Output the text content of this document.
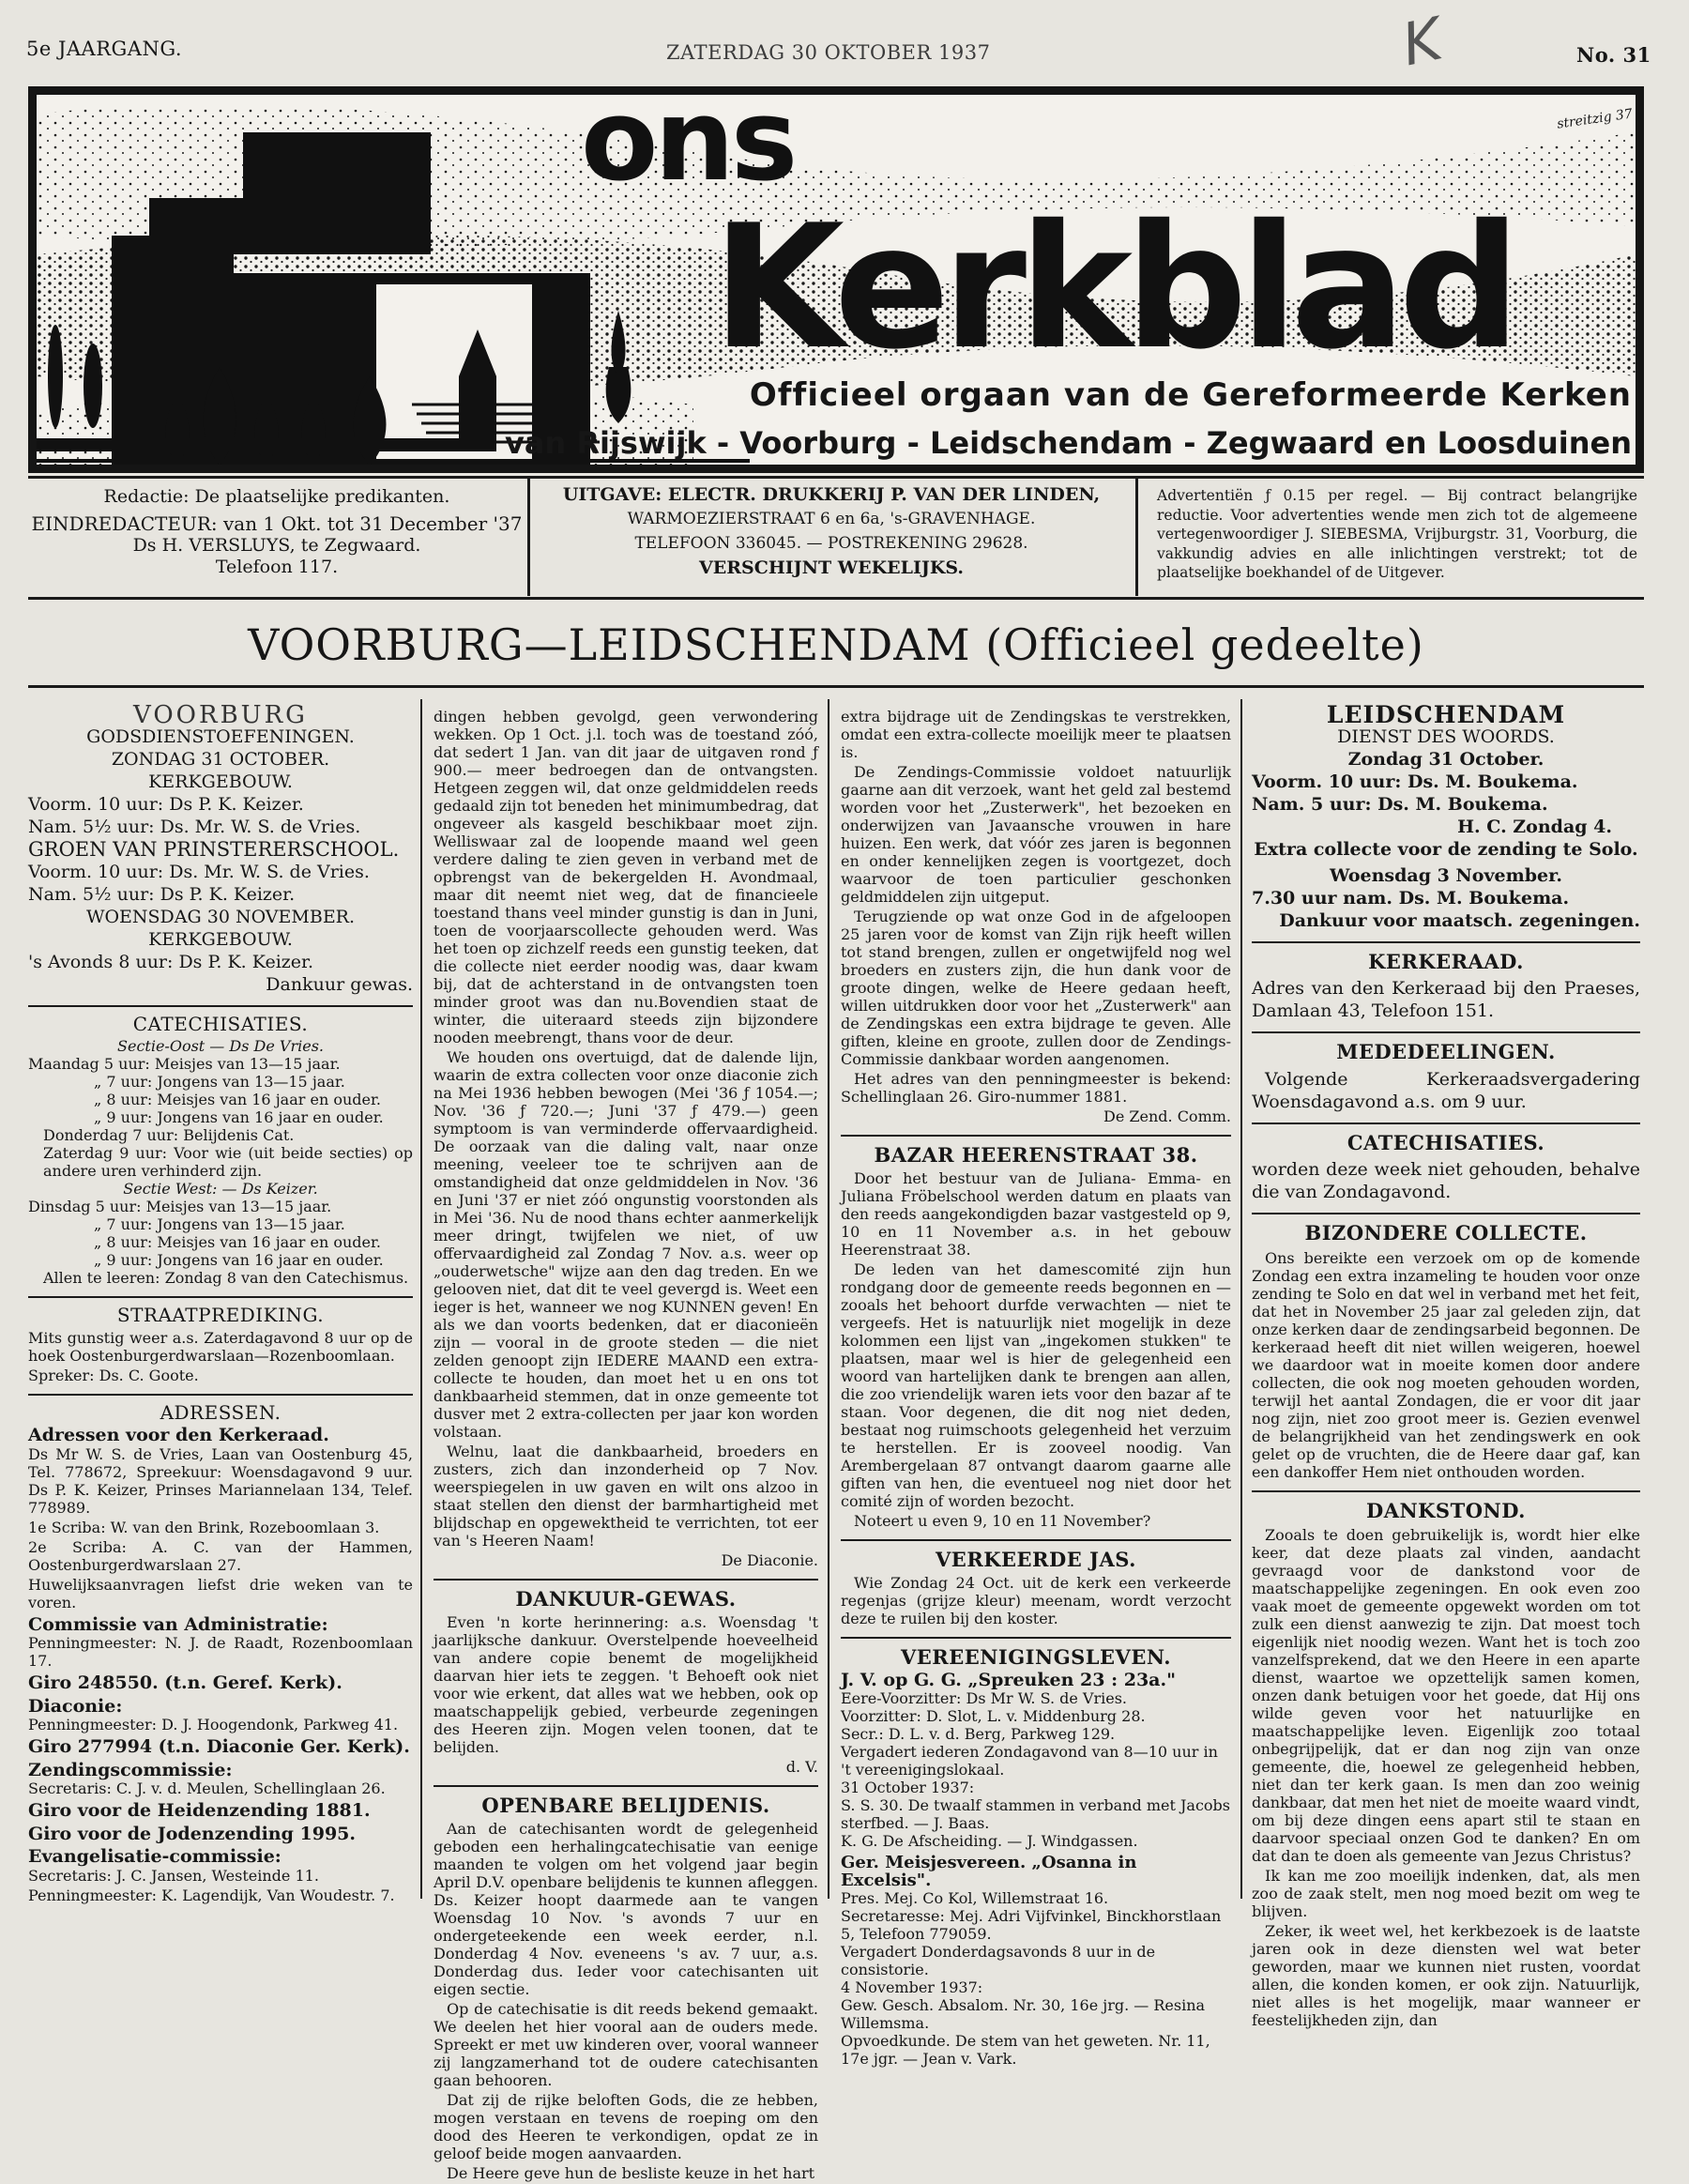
5e JAARGANG.	ZATERDAG 30 OKTOBER 1937	No. 31
K
ons
Kerkblad
streitzig 37
Officieel orgaan van de Gereformeerde Kerken
van Rijswijk - Voorburg - Leidschendam - Zegwaard en Loosduinen
Redactie: De plaatselijke predikanten.
EINDREDACTEUR: van 1 Okt. tot 31 December '37
Ds H. VERSLUYS, te Zegwaard.
Telefoon 117.
UITGAVE: ELECTR. DRUKKERIJ P. VAN DER LINDEN,
WARMOEZIERSTRAAT 6 en 6a, 's-GRAVENHAGE.
TELEFOON 336045. — POSTREKENING 29628.
VERSCHIJNT WEKELIJKS.
Advertentiën ƒ 0.15 per regel. — Bij contract belangrijke reductie. Voor advertenties wende men zich tot de algemeene vertegenwoordiger J. SIEBESMA, Vrijburgstr. 31, Voorburg, die vakkundig advies en alle inlichtingen verstrekt; tot de plaatselijke boekhandel of de Uitgever.
VOORBURG—LEIDSCHENDAM (Officieel gedeelte)
VOORBURG
GODSDIENSTOEFENINGEN.
ZONDAG 31 OCTOBER.
KERKGEBOUW.
Voorm. 10 uur: Ds P. K. Keizer.
Nam. 5½ uur: Ds. Mr. W. S. de Vries.
GROEN VAN PRINSTERERSCHOOL.
Voorm. 10 uur: Ds. Mr. W. S. de Vries.
Nam. 5½ uur: Ds P. K. Keizer.
WOENSDAG 30 NOVEMBER.
KERKGEBOUW.
's Avonds 8 uur: Ds P. K. Keizer.
Dankuur gewas.
CATECHISATIES.
Sectie-Oost — Ds De Vries.
Maandag 5 uur: Meisjes van 13—15 jaar.
„ 7 uur: Jongens van 13—15 jaar.
„ 8 uur: Meisjes van 16 jaar en ouder.
„ 9 uur: Jongens van 16 jaar en ouder.
Donderdag 7 uur: Belijdenis Cat.
Zaterdag 9 uur: Voor wie (uit beide secties) op andere uren verhinderd zijn.
Sectie West: — Ds Keizer.
Dinsdag 5 uur: Meisjes van 13—15 jaar.
„ 7 uur: Jongens van 13—15 jaar.
„ 8 uur: Meisjes van 16 jaar en ouder.
„ 9 uur: Jongens van 16 jaar en ouder.
Allen te leeren: Zondag 8 van den Catechismus.
STRAATPREDIKING.

Mits gunstig weer a.s. Zaterdagavond 8 uur op de hoek Oostenburgerdwarslaan—Rozenboomlaan.

Spreker: Ds. C. Goote.
ADRESSEN.
Adressen voor den Kerkeraad.

Ds Mr W. S. de Vries, Laan van Oostenburg 45, Tel. 778672, Spreekuur: Woensdagavond 9 uur. Ds P. K. Keizer, Prinses Mariannelaan 134, Telef. 778989.

1e Scriba: W. van den Brink, Rozeboomlaan 3.

2e Scriba: A. C. van der Hammen, Oostenburgerdwarslaan 27.

Huwelijksaanvragen liefst drie weken van te voren.

Commissie van Administratie:

Penningmeester: N. J. de Raadt, Rozenboomlaan 17.

Giro 248550. (t.n. Geref. Kerk).
Diaconie:

Penningmeester: D. J. Hoogendonk, Parkweg 41.

Giro 277994 (t.n. Diaconie Ger. Kerk).
Zendingscommissie:

Secretaris: C. J. v. d. Meulen, Schellinglaan 26.

Giro voor de Heidenzending 1881.
Giro voor de Jodenzending 1995.
Evangelisatie-commissie:

Secretaris: J. C. Jansen, Westeinde 11.

Penningmeester: K. Lagendijk, Van Woudestr. 7.

dingen hebben gevolgd, geen verwondering wekken. Op 1 Oct. j.l. toch was de toestand zóó, dat sedert 1 Jan. van dit jaar de uitgaven rond ƒ 900.— meer bedroegen dan de ontvangsten. Hetgeen zeggen wil, dat onze geldmiddelen reeds gedaald zijn tot beneden het minimumbedrag, dat ongeveer als kasgeld beschikbaar moet zijn. Welliswaar zal de loopende maand wel geen verdere daling te zien geven in verband met de opbrengst van de bekergelden H. Avondmaal, maar dit neemt niet weg, dat de financieele toestand thans veel minder gunstig is dan in Juni, toen de voorjaarscollecte gehouden werd. Was het toen op zichzelf reeds een gunstig teeken, dat die collecte niet eerder noodig was, daar kwam bij, dat de achterstand in de ontvangsten toen minder groot was dan nu.Bovendien staat de winter, die uiteraard steeds zijn bijzondere nooden meebrengt, thans voor de deur.

We houden ons overtuigd, dat de dalende lijn, waarin de extra collecten voor onze diaconie zich na Mei 1936 hebben bewogen (Mei '36 ƒ 1054.—; Nov. '36 ƒ 720.—; Juni '37 ƒ 479.—) geen symptoom is van verminderde offervaardigheid. De oorzaak van die daling valt, naar onze meening, veeleer toe te schrijven aan de omstandigheid dat onze geldmiddelen in Nov. '36 en Juni '37 er niet zóó ongunstig voorstonden als in Mei '36. Nu de nood thans echter aanmerkelijk meer dringt, twijfelen we niet, of uw offervaardigheid zal Zondag 7 Nov. a.s. weer op „ouderwetsche" wijze aan den dag treden. En we gelooven niet, dat dit te veel gevergd is. Weet een ieger is het, wanneer we nog KUNNEN geven! En als we dan voorts bedenken, dat er diaconieën zijn — vooral in de groote steden — die niet zelden genoopt zijn IEDERE MAAND een extra-collecte te houden, dan moet het u en ons tot dankbaarheid stemmen, dat in onze gemeente tot dusver met 2 extra-collecten per jaar kon worden volstaan.

Welnu, laat die dankbaarheid, broeders en zusters, zich dan inzonderheid op 7 Nov. weerspiegelen in uw gaven en wilt ons alzoo in staat stellen den dienst der barmhartigheid met blijdschap en opgewektheid te verrichten, tot eer van 's Heeren Naam!

De Diaconie.
DANKUUR-GEWAS.

Even 'n korte herinnering: a.s. Woensdag 't jaarlijksche dankuur. Overstelpende hoeveelheid van andere copie benemt de mogelijkheid daarvan hier iets te zeggen. 't Behoeft ook niet voor wie erkent, dat alles wat we hebben, ook op maatschappelijk gebied, verbeurde zegeningen des Heeren zijn. Mogen velen toonen, dat te belijden.

d. V.
OPENBARE BELIJDENIS.

Aan de catechisanten wordt de gelegenheid geboden een herhalingcatechisatie van eenige maanden te volgen om het volgend jaar begin April D.V. openbare belijdenis te kunnen afleggen. Ds. Keizer hoopt daarmede aan te vangen Woensdag 10 Nov. 's avonds 7 uur en ondergeteekende een week eerder, n.l. Donderdag 4 Nov. eveneens 's av. 7 uur, a.s. Donderdag dus. Ieder voor catechisanten uit eigen sectie.

Op de catechisatie is dit reeds bekend gemaakt. We deelen het hier vooral aan de ouders mede. Spreekt er met uw kinderen over, vooral wanneer zij langzamerhand tot de oudere catechisanten gaan behooren.

Dat zij de rijke beloften Gods, die ze hebben, mogen verstaan en tevens de roeping om den dood des Heeren te verkondigen, opdat ze in geloof beide mogen aanvaarden.

De Heere geve hun de besliste keuze in het hart

extra bijdrage uit de Zendingskas te verstrekken, omdat een extra-collecte moeilijk meer te plaatsen is.

De Zendings-Commissie voldoet natuurlijk gaarne aan dit verzoek, want het geld zal bestemd worden voor het „Zusterwerk", het bezoeken en onderwijzen van Javaansche vrouwen in hare huizen. Een werk, dat vóór zes jaren is begonnen en onder kennelijken zegen is voortgezet, doch waarvoor de toen particulier geschonken geldmiddelen zijn uitgeput.

Terugziende op wat onze God in de afgeloopen 25 jaren voor de komst van Zijn rijk heeft willen tot stand brengen, zullen er ongetwijfeld nog wel broeders en zusters zijn, die hun dank voor de groote dingen, welke de Heere gedaan heeft, willen uitdrukken door voor het „Zusterwerk" aan de Zendingskas een extra bijdrage te geven. Alle giften, kleine en groote, zullen door de Zendings-Commissie dankbaar worden aangenomen.

Het adres van den penningmeester is bekend: Schellinglaan 26. Giro-nummer 1881.

De Zend. Comm.
BAZAR HEERENSTRAAT 38.

Door het bestuur van de Juliana- Emma- en Juliana Fröbelschool werden datum en plaats van den reeds aangekondigden bazar vastgesteld op 9, 10 en 11 November a.s. in het gebouw Heerenstraat 38.

De leden van het damescomité zijn hun rondgang door de gemeente reeds begonnen en — zooals het behoort durfde verwachten — niet te vergeefs. Het is natuurlijk niet mogelijk in deze kolommen een lijst van „ingekomen stukken" te plaatsen, maar wel is hier de gelegenheid een woord van hartelijken dank te brengen aan allen, die zoo vriendelijk waren iets voor den bazar af te staan. Voor degenen, die dit nog niet deden, bestaat nog ruimschoots gelegenheid het verzuim te herstellen. Er is zooveel noodig. Van Arembergelaan 87 ontvangt daarom gaarne alle giften van hen, die eventueel nog niet door het comité zijn of worden bezocht.

Noteert u even 9, 10 en 11 November?

VERKEERDE JAS.

Wie Zondag 24 Oct. uit de kerk een verkeerde regenjas (grijze kleur) meenam, wordt verzocht deze te ruilen bij den koster.

VEREENIGINGSLEVEN.
J. V. op G. G. „Spreuken 23 : 23a."
Eere-Voorzitter: Ds Mr W. S. de Vries.
Voorzitter: D. Slot, L. v. Middenburg 28.
Secr.: D. L. v. d. Berg, Parkweg 129.
Vergadert iederen Zondagavond van 8—10 uur in 't vereenigingslokaal.
31 October 1937:
S. S. 30. De twaalf stammen in verband met Jacobs sterfbed. — J. Baas.
K. G. De Afscheiding. — J. Windgassen.
Ger. Meisjesvereen. „Osanna in Excelsis".
Pres. Mej. Co Kol, Willemstraat 16.
Secretaresse: Mej. Adri Vijfvinkel, Binckhorstlaan 5, Telefoon 779059.
Vergadert Donderdagsavonds 8 uur in de consistorie.
4 November 1937:
Gew. Gesch. Absalom. Nr. 30, 16e jrg. — Resina Willemsma.
Opvoedkunde. De stem van het geweten. Nr. 11, 17e jgr. — Jean v. Vark.
LEIDSCHENDAM
DIENST DES WOORDS.
Zondag 31 October.
Voorm. 10 uur: Ds. M. Boukema.
Nam. 5 uur: Ds. M. Boukema.
H. C. Zondag 4.
Extra collecte voor de zending te Solo.
Woensdag 3 November.
7.30 uur nam. Ds. M. Boukema.
Dankuur voor maatsch. zegeningen.
KERKERAAD.

Adres van den Kerkeraad bij den Praeses, Damlaan 43, Telefoon 151.

MEDEDEELINGEN.

Volgende Kerkeraadsvergadering Woensdagavond a.s. om 9 uur.

CATECHISATIES.

worden deze week niet gehouden, behalve die van Zondagavond.

BIZONDERE COLLECTE.

Ons bereikte een verzoek om op de komende Zondag een extra inzameling te houden voor onze zending te Solo en dat wel in verband met het feit, dat het in November 25 jaar zal geleden zijn, dat onze kerken daar de zendingsarbeid begonnen. De kerkeraad heeft dit niet willen weigeren, hoewel we daardoor wat in moeite komen door andere collecten, die ook nog moeten gehouden worden, terwijl het aantal Zondagen, die er voor dit jaar nog zijn, niet zoo groot meer is. Gezien evenwel de belangrijkheid van het zendingswerk en ook gelet op de vruchten, die de Heere daar gaf, kan een dankoffer Hem niet onthouden worden.

DANKSTOND.

Zooals te doen gebruikelijk is, wordt hier elke keer, dat deze plaats zal vinden, aandacht gevraagd voor de dankstond voor de maatschappelijke zegeningen. En ook even zoo vaak moet de gemeente opgewekt worden om tot zulk een dienst aanwezig te zijn. Dat moest toch eigenlijk niet noodig wezen. Want het is toch zoo vanzelfsprekend, dat we den Heere in een aparte dienst, waartoe we opzettelijk samen komen, onzen dank betuigen voor het goede, dat Hij ons wilde geven voor het natuurlijke en maatschappelijke leven. Eigenlijk zoo totaal onbegrijpelijk, dat er dan nog zijn van onze gemeente, die, hoewel ze gelegenheid hebben, niet dan ter kerk gaan. Is men dan zoo weinig dankbaar, dat men het niet de moeite waard vindt, om bij deze dingen eens apart stil te staan en daarvoor speciaal onzen God te danken? En om dat dan te doen als gemeente van Jezus Christus?

Ik kan me zoo moeilijk indenken, dat, als men zoo de zaak stelt, men nog moed bezit om weg te blijven.

Zeker, ik weet wel, het kerkbezoek is de laatste jaren ook in deze diensten wel wat beter geworden, maar we kunnen niet rusten, voordat allen, die konden komen, er ook zijn. Natuurlijk, niet alles is het mogelijk, maar wanneer er feestelijkheden zijn, dan
